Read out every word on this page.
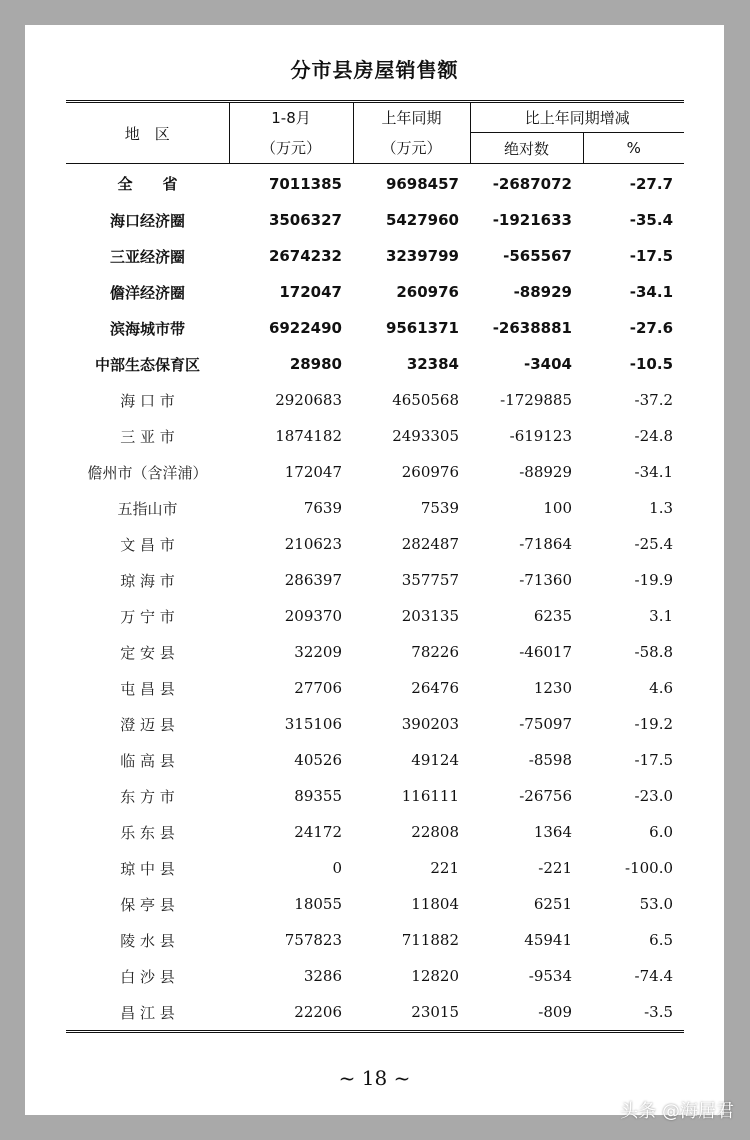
分市县房屋销售额
地　区	1-8月	上年同期	比上年同期增减	
	（万元）	（万元）	绝对数	%
全　　省	7011385	9698457	-2687072	-27.7
海口经济圈	3506327	5427960	-1921633	-35.4
三亚经济圈	2674232	3239799	-565567	-17.5
儋洋经济圈	172047	260976	-88929	-34.1
滨海城市带	6922490	9561371	-2638881	-27.6
中部生态保育区	28980	32384	-3404	-10.5
海 口 市	2920683	4650568	-1729885	-37.2
三 亚 市	1874182	2493305	-619123	-24.8
儋州市（含洋浦）	172047	260976	-88929	-34.1
五指山市	7639	7539	100	1.3
文 昌 市	210623	282487	-71864	-25.4
琼 海 市	286397	357757	-71360	-19.9
万 宁 市	209370	203135	6235	3.1
定 安 县	32209	78226	-46017	-58.8
屯 昌 县	27706	26476	1230	4.6
澄 迈 县	315106	390203	-75097	-19.2
临 高 县	40526	49124	-8598	-17.5
东 方 市	89355	116111	-26756	-23.0
乐 东 县	24172	22808	1364	6.0
琼 中 县	0	221	-221	-100.0
保 亭 县	18055	11804	6251	53.0
陵 水 县	757823	711882	45941	6.5
白 沙 县	3286	12820	-9534	-74.4
昌 江 县	22206	23015	-809	-3.5
~ 18 ~
头条 @海居君
